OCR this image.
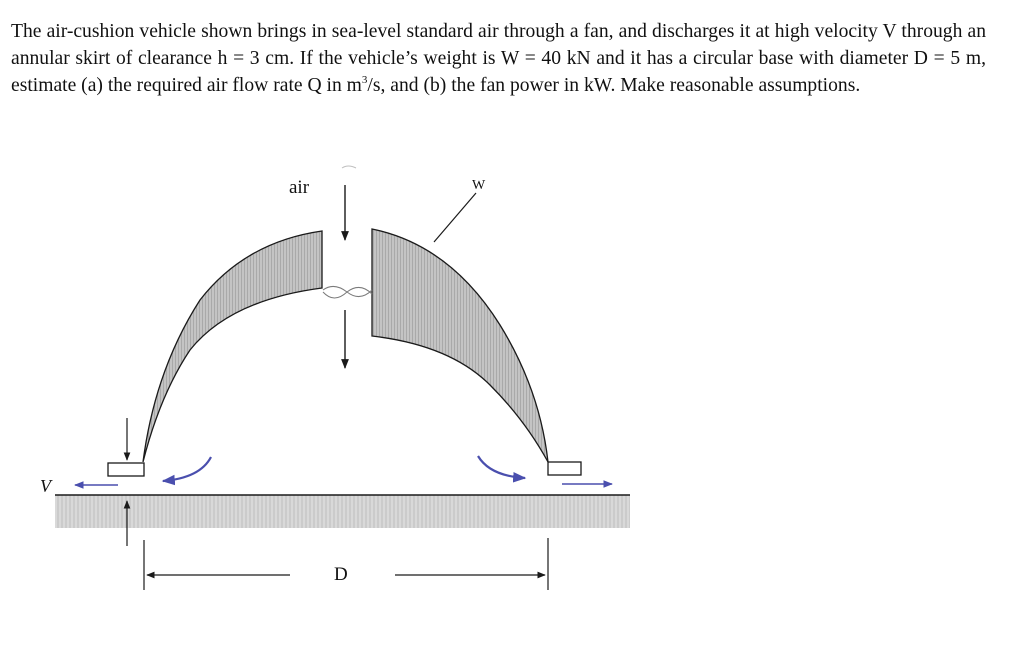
The air-cushion vehicle shown brings in sea-level standard air through a fan, and discharges it at high velocity V through an annular skirt of clearance h = 3 cm. If the vehicle’s weight is W = 40 kN and it has a circular base with diameter D = 5 m, estimate (a) the required air flow rate Q in $m^3/s$, and (b) the fan power in kW. Make reasonable assumptions.

air	W
V
D
